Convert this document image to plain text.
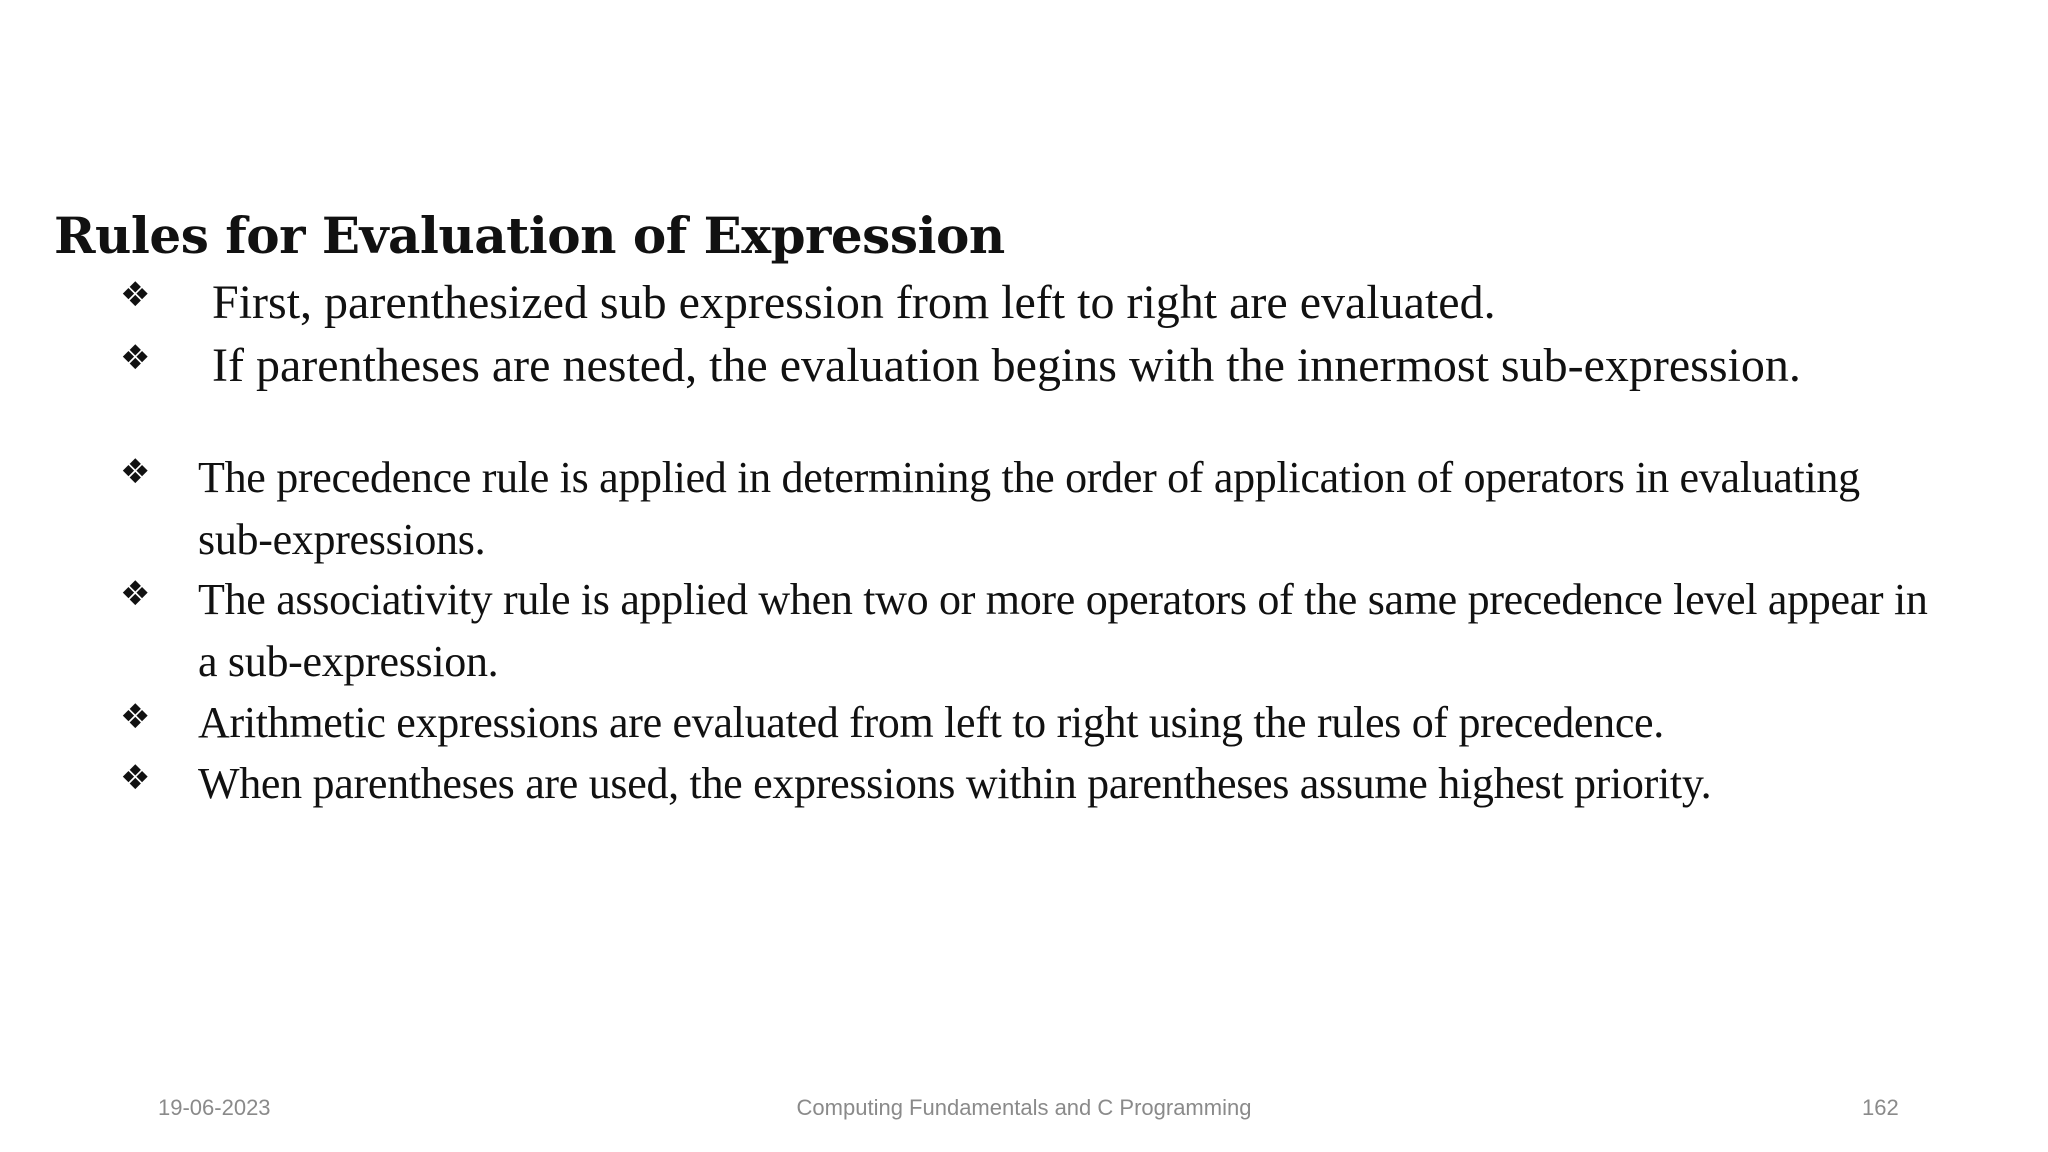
Rules for Evaluation of Expression
❖ First, parenthesized sub expression from left to right are evaluated.
❖ If parentheses are nested, the evaluation begins with the innermost sub-expression.
❖ The precedence rule is applied in determining the order of application of operators in evaluating
sub-expressions.
❖ The associativity rule is applied when two or more operators of the same precedence level appear in
a sub-expression.
❖ Arithmetic expressions are evaluated from left to right using the rules of precedence.
❖ When parentheses are used, the expressions within parentheses assume highest priority.
19-06-2023	Computing Fundamentals and C Programming	162
